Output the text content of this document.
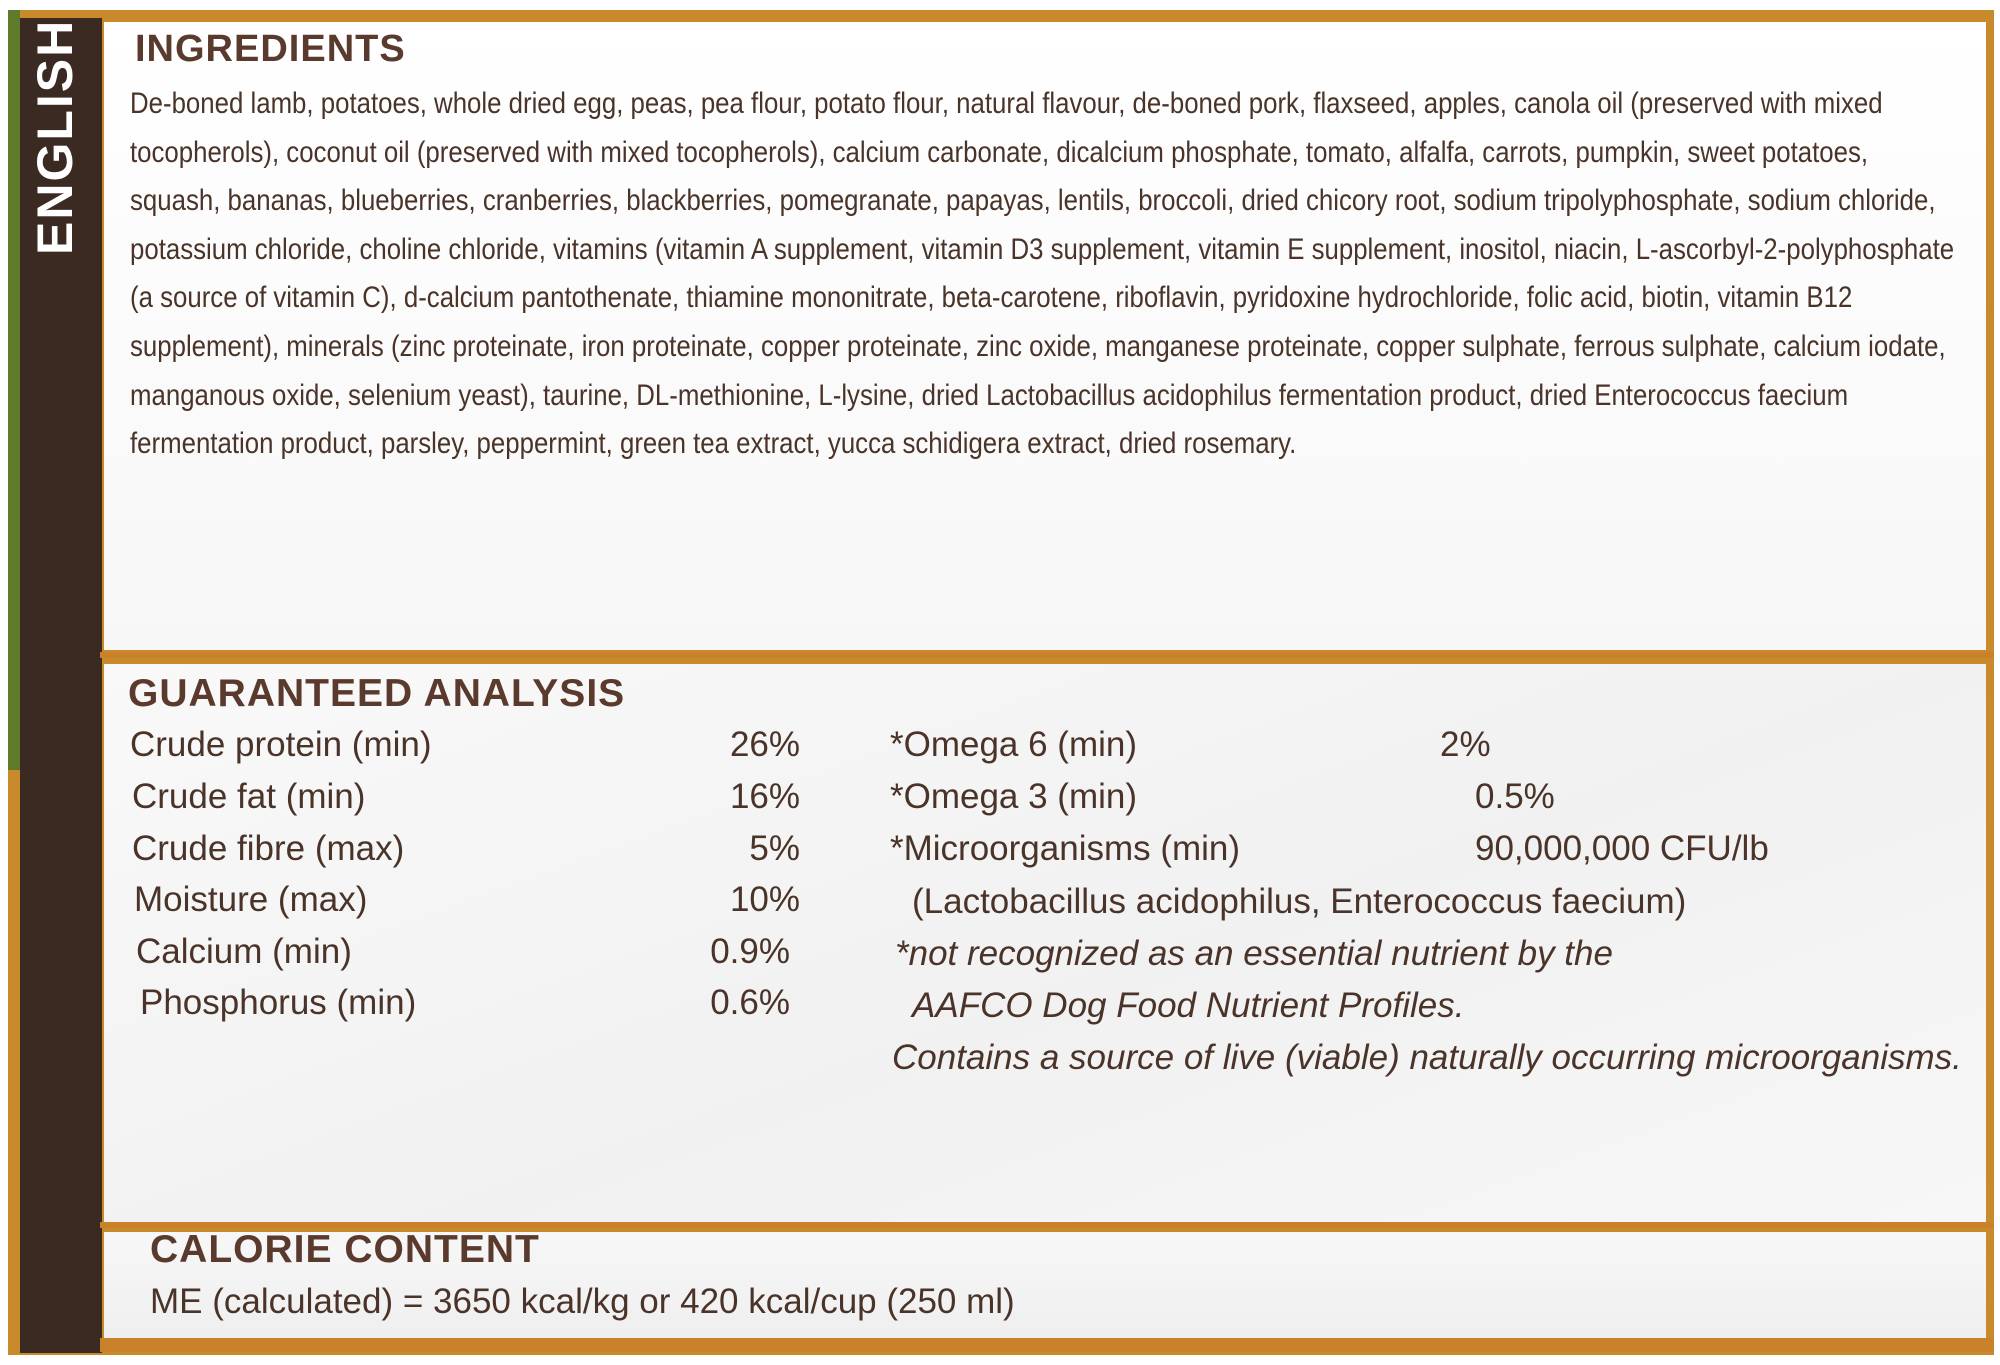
INGREDIENTS
De-boned lamb, potatoes, whole dried egg, peas, pea flour, potato flour, natural flavour, de-boned pork, flaxseed, apples, canola oil (preserved with mixed tocopherols), coconut oil (preserved with mixed tocopherols), calcium carbonate, dicalcium phosphate, tomato, alfalfa, carrots, pumpkin, sweet potatoes, squash, bananas, blueberries, cranberries, blackberries, pomegranate, papayas, lentils, broccoli, dried chicory root, sodium tripolyphosphate, sodium chloride, potassium chloride, choline chloride, vitamins (vitamin A supplement, vitamin D3 supplement, vitamin E supplement, inositol, niacin, L-ascorbyl-2-polyphosphate (a source of vitamin C), d-calcium pantothenate, thiamine mononitrate, beta-carotene, riboflavin, pyridoxine hydrochloride, folic acid, biotin, vitamin B12 supplement), minerals (zinc proteinate, iron proteinate, copper proteinate, zinc oxide, manganese proteinate, copper sulphate, ferrous sulphate, calcium iodate, manganous oxide, selenium yeast), taurine, DL-methionine, L-lysine, dried Lactobacillus acidophilus fermentation product, dried Enterococcus faecium fermentation product, parsley, peppermint, green tea extract, yucca schidigera extract, dried rosemary.
GUARANTEED ANALYSIS
Crude protein (min)	26%
Crude fat (min)	16%
Crude fibre (max)	5%
Moisture (max)	10%
Calcium (min)	0.9%
Phosphorus (min)	0.6%
*Omega 6 (min)	2%
*Omega 3 (min)	0.5%
*Microorganisms (min)	90,000,000 CFU/lb
(Lactobacillus acidophilus, Enterococcus faecium)
*not recognized as an essential nutrient by the
AAFCO Dog Food Nutrient Profiles.
Contains a source of live (viable) naturally occurring microorganisms.
CALORIE CONTENT
ME (calculated) = 3650 kcal/kg or 420 kcal/cup (250 ml)
